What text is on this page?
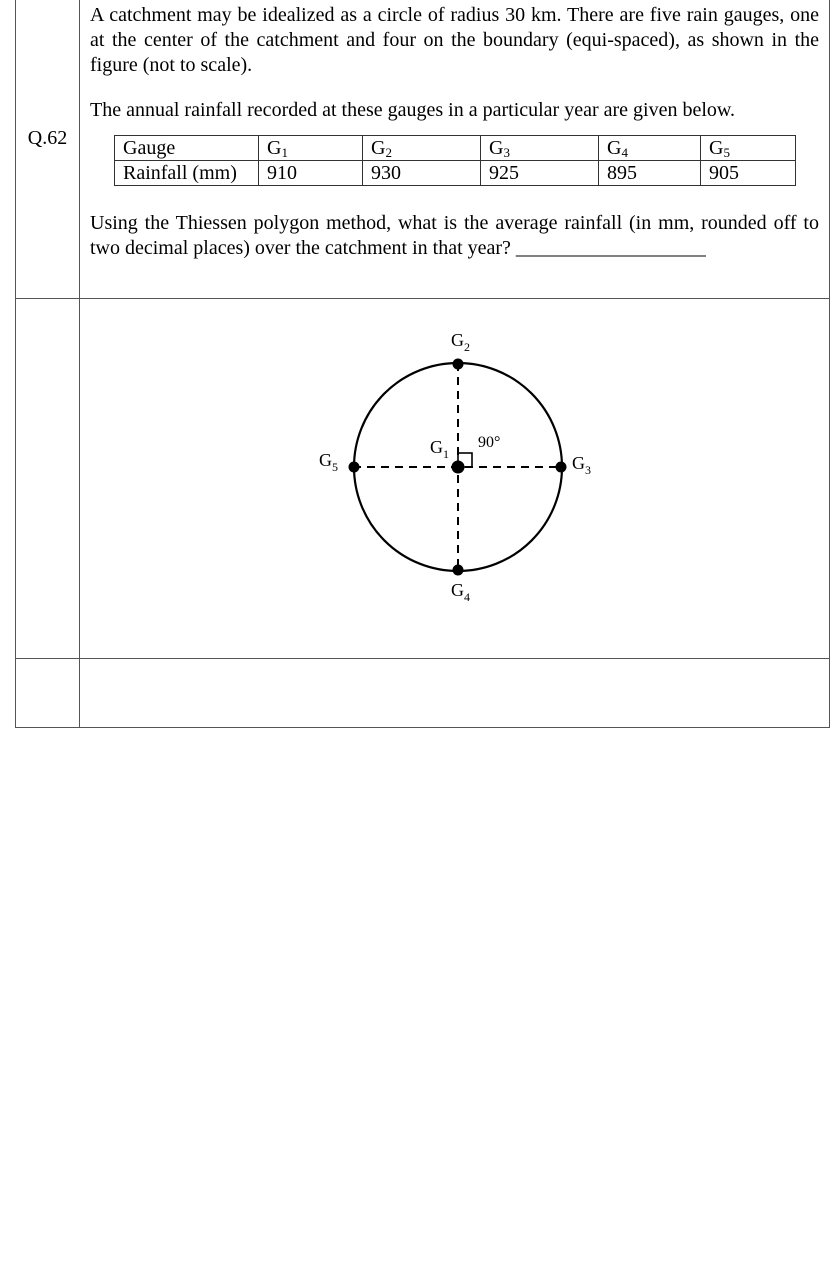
Q.62

A catchment may be idealized as a circle of radius 30 km. There are five rain gauges, one at the center of the catchment and four on the boundary (equi-spaced), as shown in the figure (not to scale).

The annual rainfall recorded at these gauges in a particular year are given below.

Gauge	$G_1$	$G_2$	$G_3$	$G_4$	$G_5$
Rainfall (mm)	910	930	925	895	905

Using the Thiessen polygon method, what is the average rainfall (in mm, rounded off to two decimal places) over the catchment in that year? ___________________

$G_2$
$G_1$	$G_3$
$G_4$
$G_5$
90°
